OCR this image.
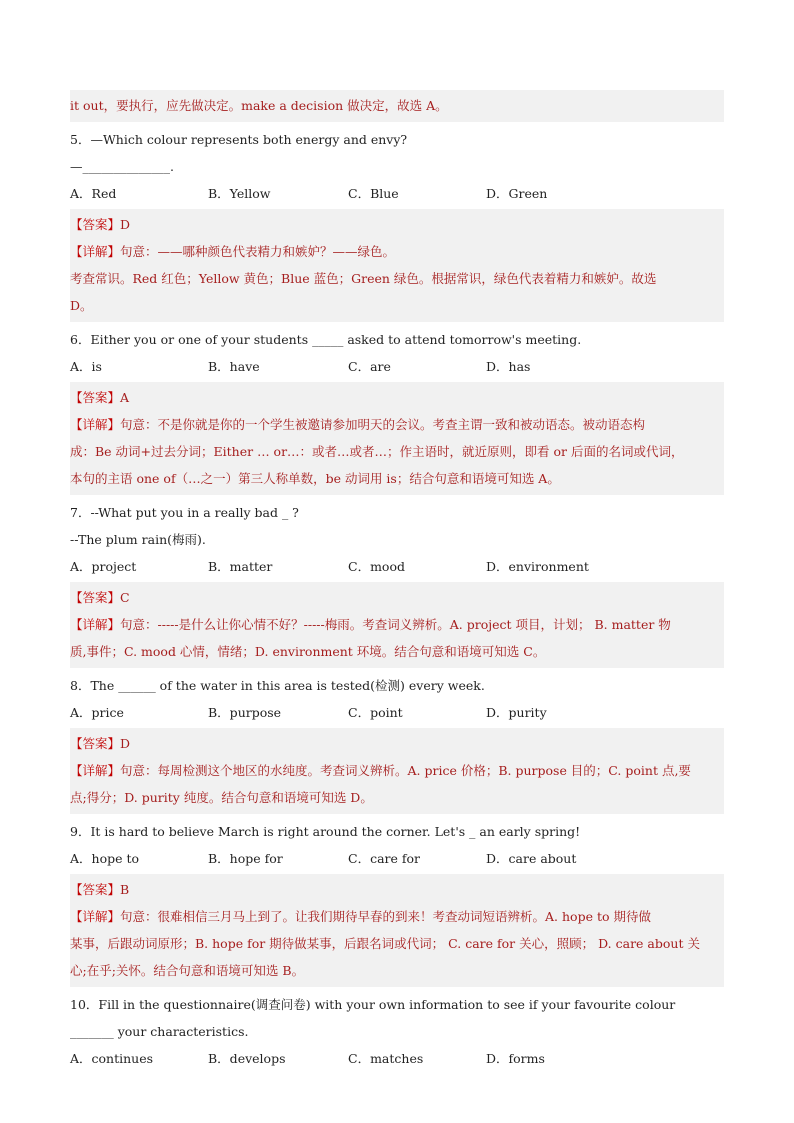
it out，要执行，应先做决定。make a decision 做决定，故选 A。
5．—Which colour represents both energy and envy?
—______________.
A．Red	B．Yellow	C．Blue	D．Green
【答案】D
【详解】句意：——哪种颜色代表精力和嫉妒？——绿色。
考查常识。Red 红色；Yellow 黄色；Blue 蓝色；Green 绿色。根据常识，绿色代表着精力和嫉妒。故选
D。
6．Either you or one of your students _____ asked to attend tomorrow's meeting.
A．is	B．have	C．are	D．has
【答案】A
【详解】句意：不是你就是你的一个学生被邀请参加明天的会议。考查主谓一致和被动语态。被动语态构
成：Be 动词+过去分词；Either … or…：或者…或者…；作主语时，就近原则，即看 or 后面的名词或代词，
本句的主语 one of（…之一）第三人称单数，be 动词用 is；结合句意和语境可知选 A。
7．--What put you in a really bad _ ?
--The plum rain(梅雨).
A．project	B．matter	C．mood	D．environment
【答案】C
【详解】句意：-----是什么让你心情不好？-----梅雨。考查词义辨析。A. project 项目，计划； B. matter 物
质,事件；C. mood 心情，情绪；D. environment 环境。结合句意和语境可知选 C。
8．The ______ of the water in this area is tested(检测) every week.
A．price	B．purpose	C．point	D．purity
【答案】D
【详解】句意：每周检测这个地区的水纯度。考查词义辨析。A. price 价格；B. purpose 目的；C. point 点,要
点;得分；D. purity 纯度。结合句意和语境可知选 D。
9．It is hard to believe March is right around the corner. Let's _ an early spring!
A．hope to	B．hope for	C．care for	D．care about
【答案】B
【详解】句意：很难相信三月马上到了。让我们期待早春的到来！考查动词短语辨析。A. hope to 期待做
某事，后跟动词原形；B. hope for 期待做某事，后跟名词或代词； C. care for 关心，照顾； D. care about 关
心;在乎;关怀。结合句意和语境可知选 B。
10．Fill in the questionnaire(调查问卷) with your own information to see if your favourite colour
_______ your characteristics.
A．continues	B．develops	C．matches	D．forms
